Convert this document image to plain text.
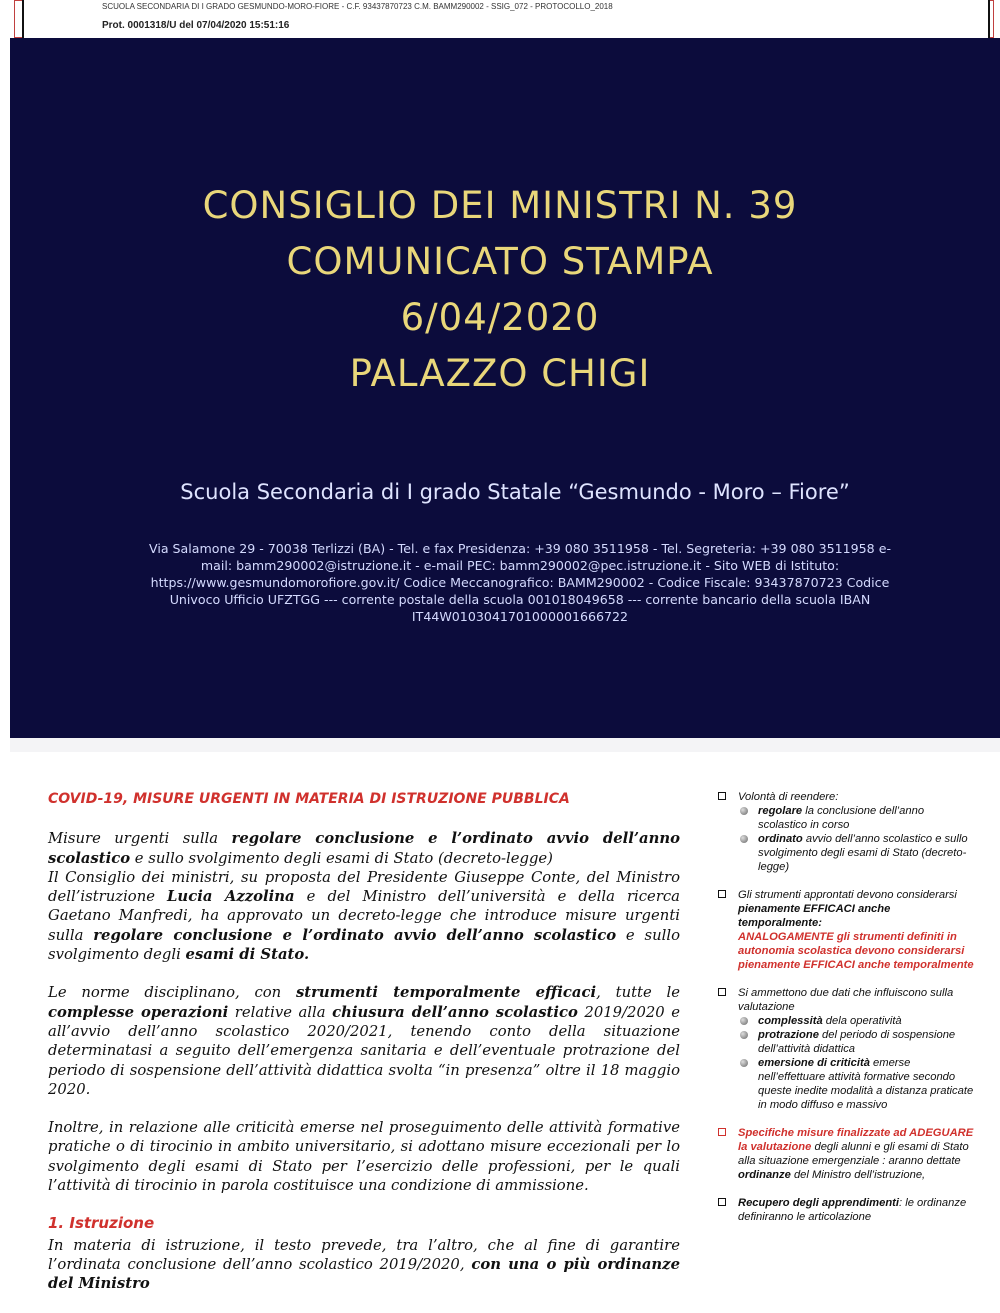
SCUOLA SECONDARIA DI I GRADO GESMUNDO-MORO-FIORE - C.F. 93437870723 C.M. BAMM290002 - SSIG_072 - PROTOCOLLO_2018
Prot. 0001318/U del 07/04/2020 15:51:16
CONSIGLIO DEI MINISTRI N. 39
COMUNICATO STAMPA
6/04/2020
PALAZZO CHIGI
Scuola Secondaria di I grado Statale “Gesmundo - Moro – Fiore”
Via Salamone 29 - 70038 Terlizzi (BA) - Tel. e fax Presidenza: +39 080 3511958 - Tel. Segreteria: +39 080 3511958 e-
mail: bamm290002@istruzione.it - e-mail PEC: bamm290002@pec.istruzione.it - Sito WEB di Istituto:
https://www.gesmundomorofiore.gov.it/ Codice Meccanografico: BAMM290002 - Codice Fiscale: 93437870723 Codice
Univoco Ufficio UFZTGG --- corrente postale della scuola 001018049658 --- corrente bancario della scuola IBAN
IT44W0103041701000001666722
COVID-19, MISURE URGENTI IN MATERIA DI ISTRUZIONE PUBBLICA

Misure urgenti sulla regolare conclusione e l’ordinato avvio dell’anno scolastico e sullo svolgimento degli esami di Stato (decreto-legge)
Il Consiglio dei ministri, su proposta del Presidente Giuseppe Conte, del Ministro dell’istruzione Lucia Azzolina e del Ministro dell’università e della ricerca Gaetano Manfredi, ha approvato un decreto-legge che introduce misure urgenti sulla regolare conclusione e l’ordinato avvio dell’anno scolastico e sullo svolgimento degli esami di Stato.

Le norme disciplinano, con strumenti temporalmente efficaci, tutte le complesse operazioni relative alla chiusura dell’anno scolastico 2019/2020 e all’avvio dell’anno scolastico 2020/2021, tenendo conto della situazione determinatasi a seguito dell’emergenza sanitaria e dell’eventuale protrazione del periodo di sospensione dell’attività didattica svolta “in presenza” oltre il 18 maggio 2020.

Inoltre, in relazione alle criticità emerse nel proseguimento delle attività formative pratiche o di tirocinio in ambito universitario, si adottano misure eccezionali per lo svolgimento degli esami di Stato per l’esercizio delle professioni, per le quali l’attività di tirocinio in parola costituisce una condizione di ammissione.

1. Istruzione

In materia di istruzione, il testo prevede, tra l’altro, che al fine di garantire l’ordinata conclusione dell’anno scolastico 2019/2020, con una o più ordinanze del Ministro

Volontà di reendere:
regolare la conclusione dell’anno scolastico in corso
ordinato avvio dell’anno scolastico e sullo svolgimento degli esami di Stato (decreto-legge)
Gli strumenti approntati devono considerarsi pienamente EFFICACI anche temporalmente:
ANALOGAMENTE gli strumenti definiti in autonomia scolastica devono considerarsi pienamente EFFICACI anche temporalmente
Si ammettono due dati che influiscono sulla valutazione
complessità dela operatività
protrazione del periodo di sospensione dell’attività didattica
emersione di criticità emerse nell’effettuare attività formative secondo queste inedite modalità a distanza praticate in modo diffuso e massivo
Specifiche misure finalizzate ad ADEGUARE la valutazione degli alunni e gli esami di Stato alla situazione emergenziale : aranno dettate ordinanze del Ministro dell’istruzione,
Recupero degli apprendimenti: le ordinanze definiranno le articolazione
